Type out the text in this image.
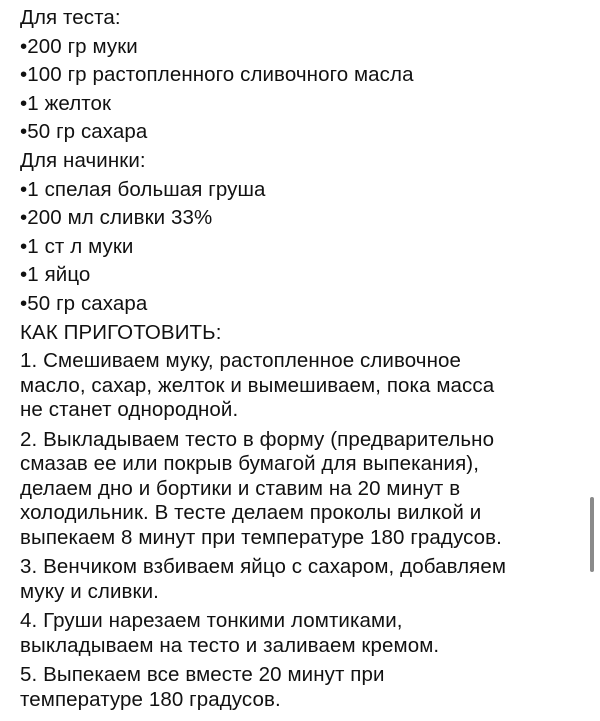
Для теста:
•200 гр муки
•100 гр растопленного сливочного масла
•1 желток
•50 гр сахара
Для начинки:
•1 спелая большая груша
•200 мл сливки 33%
•1 ст л муки
•1 яйцо
•50 гр сахара
КАК ПРИГОТОВИТЬ:
1. Смешиваем муку, растопленное сливочное
масло, сахар, желток и вымешиваем, пока масса
не станет однородной.
2. Выкладываем тесто в форму (предварительно
смазав ее или покрыв бумагой для выпекания),
делаем дно и бортики и ставим на 20 минут в
холодильник. В тесте делаем проколы вилкой и
выпекаем 8 минут при температуре 180 градусов.
3. Венчиком взбиваем яйцо с сахаром, добавляем
муку и сливки.
4. Груши нарезаем тонкими ломтиками,
выкладываем на тесто и заливаем кремом.
5. Выпекаем все вместе 20 минут при
температуре 180 градусов.
